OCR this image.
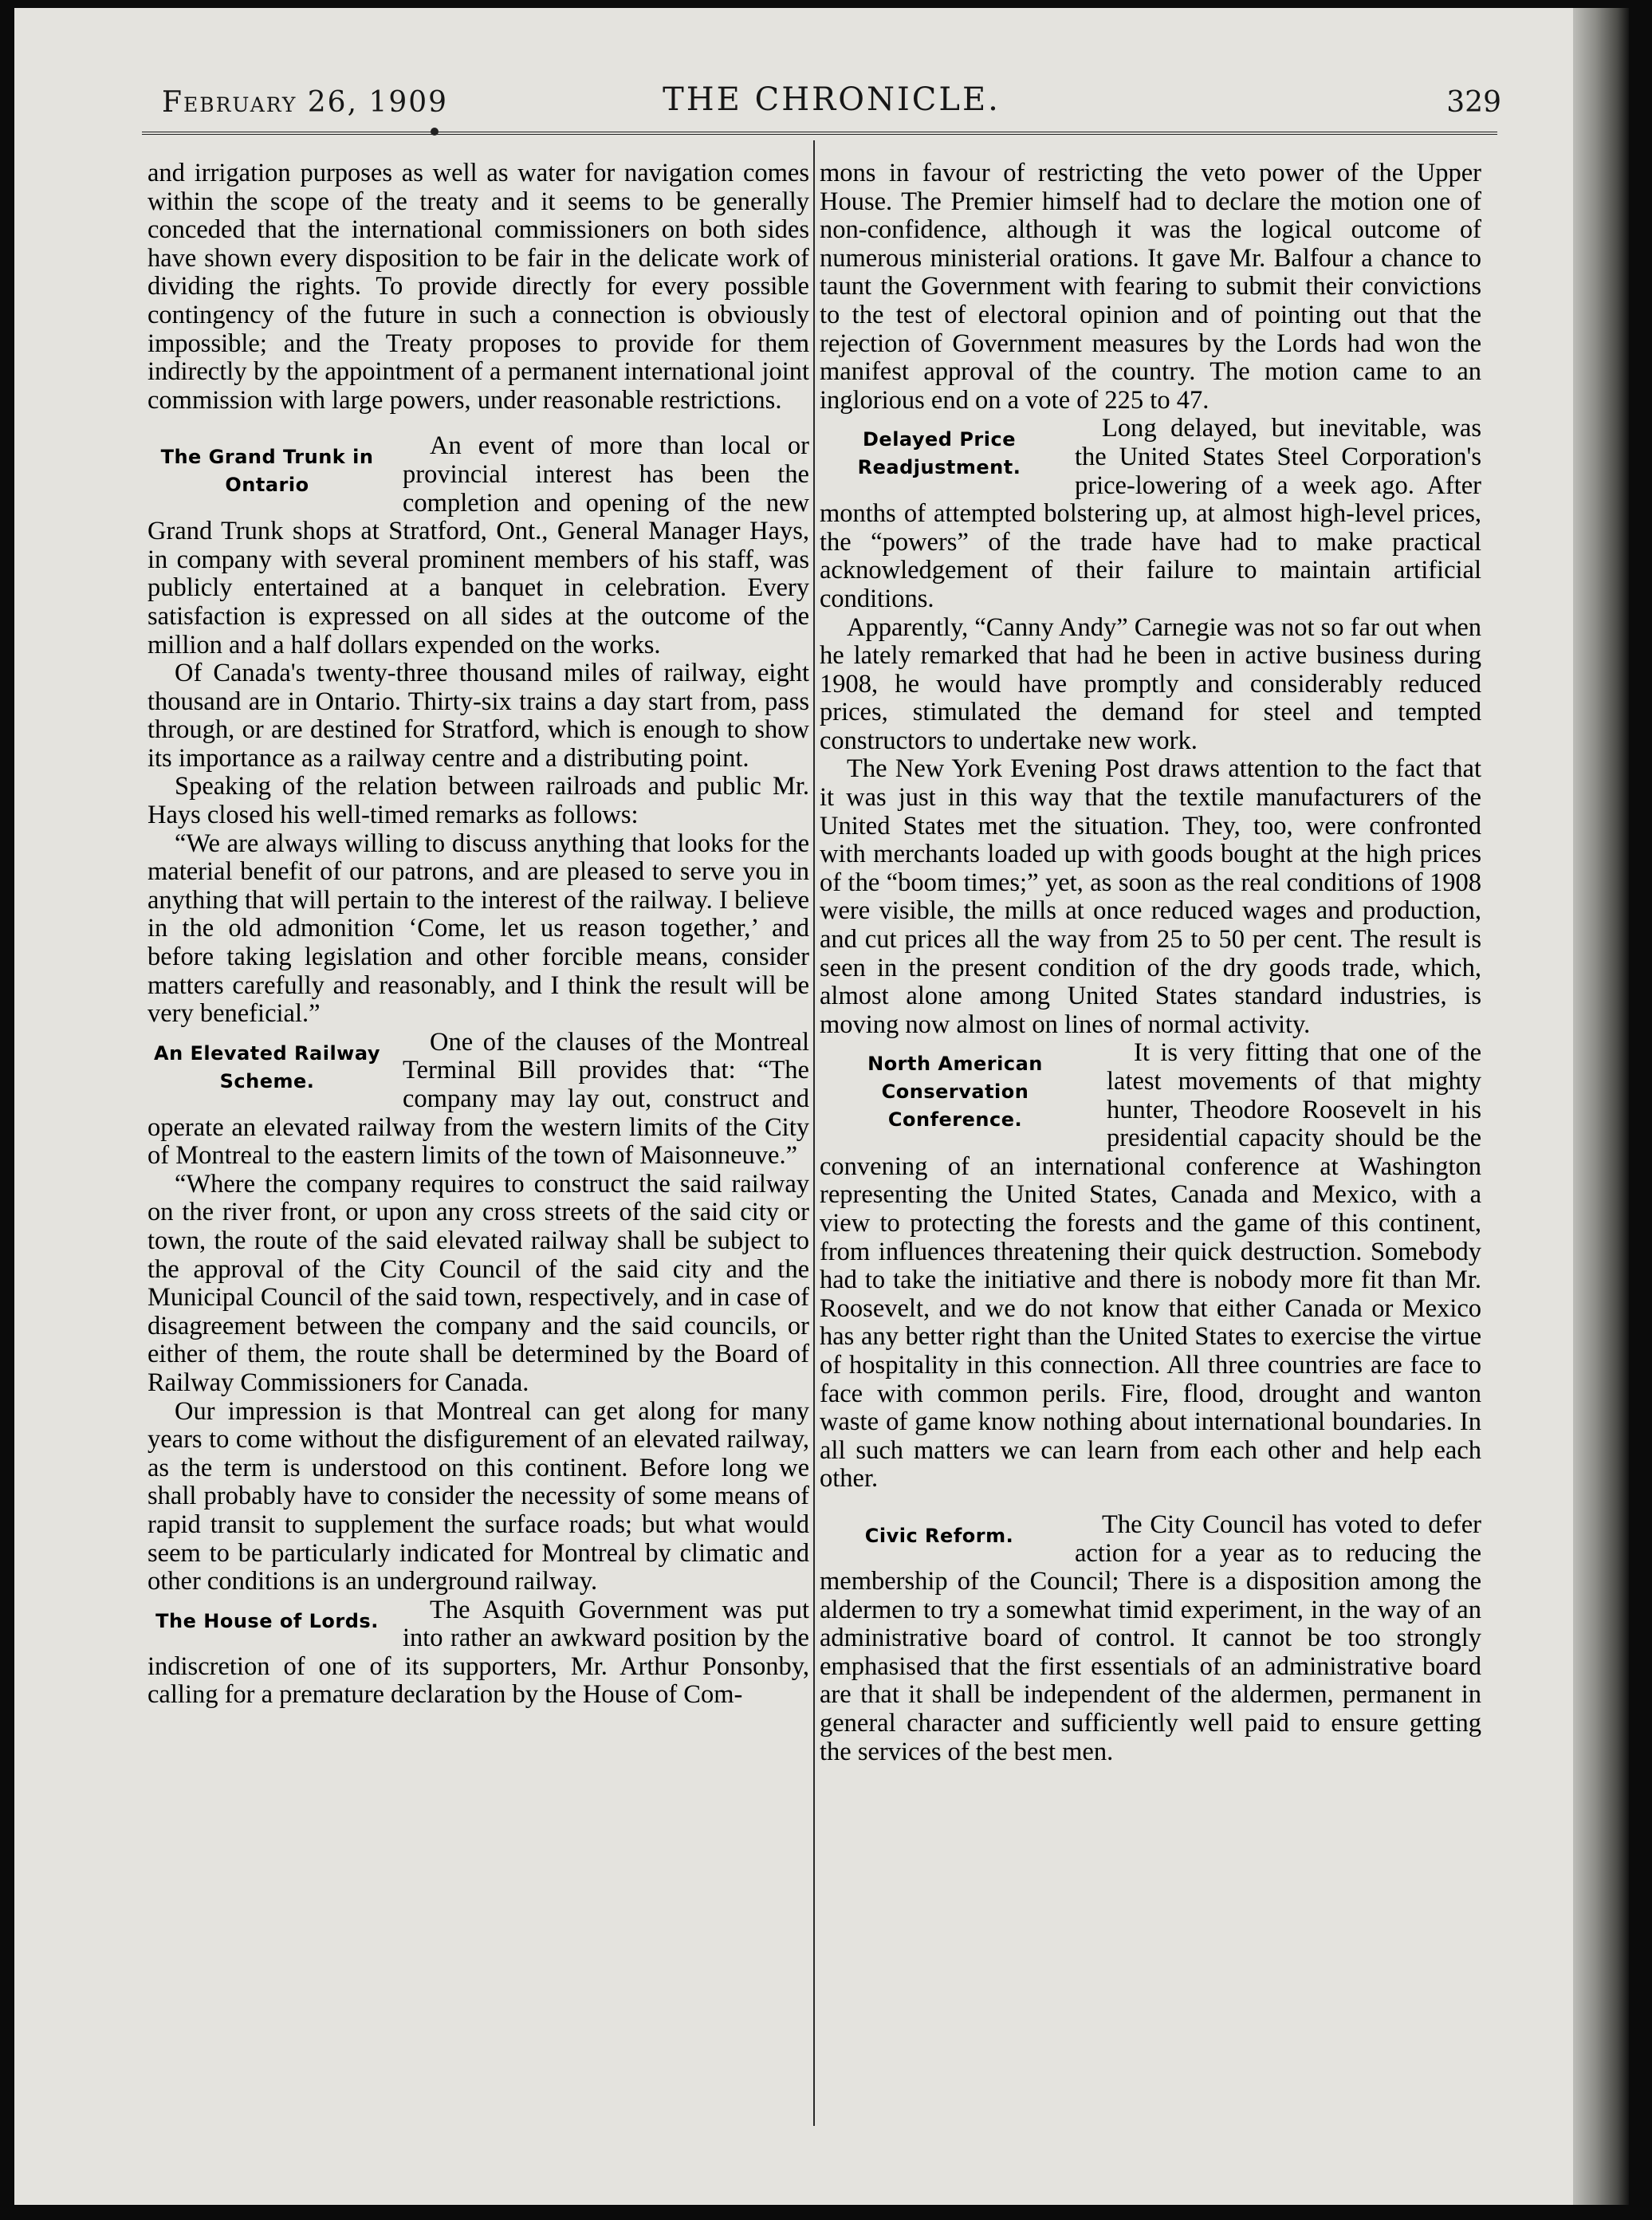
February 26, 1909	THE CHRONICLE.	329

and irrigation purposes as well as water for navigation comes within the scope of the treaty and it seems to be generally conceded that the international commissioners on both sides have shown every disposition to be fair in the delicate work of dividing the rights. To provide directly for every possible contingency of the future in such a connection is obviously impossible; and the Treaty proposes to provide for them indirectly by the appointment of a permanent international joint commission with large powers, under reasonable restrictions.

The Grand Trunk in Ontario

An event of more than local or provincial interest has been the completion and opening of the new Grand Trunk shops at Stratford, Ont., General Manager Hays, in company with several prominent members of his staff, was publicly entertained at a banquet in celebration. Every satisfaction is expressed on all sides at the outcome of the million and a half dollars expended on the works.

Of Canada's twenty-three thousand miles of railway, eight thousand are in Ontario. Thirty-six trains a day start from, pass through, or are destined for Stratford, which is enough to show its importance as a railway centre and a distributing point.

Speaking of the relation between railroads and public Mr. Hays closed his well-timed remarks as follows:

“We are always willing to discuss anything that looks for the material benefit of our patrons, and are pleased to serve you in anything that will pertain to the interest of the railway. I believe in the old admonition ‘Come, let us reason together,’ and before taking legislation and other forcible means, consider matters carefully and reasonably, and I think the result will be very beneficial.”

An Elevated Railway Scheme.

One of the clauses of the Montreal Terminal Bill provides that: “The company may lay out, construct and operate an elevated railway from the western limits of the City of Montreal to the eastern limits of the town of Maisonneuve.”

“Where the company requires to construct the said railway on the river front, or upon any cross streets of the said city or town, the route of the said elevated railway shall be subject to the approval of the City Council of the said city and the Municipal Council of the said town, respectively, and in case of disagreement between the company and the said councils, or either of them, the route shall be determined by the Board of Railway Commissioners for Canada.

Our impression is that Montreal can get along for many years to come without the disfigurement of an elevated railway, as the term is understood on this continent. Before long we shall probably have to consider the necessity of some means of rapid transit to supplement the surface roads; but what would seem to be particularly indicated for Montreal by climatic and other conditions is an underground railway.

The House of Lords.	The Asquith Government was put into rather an awkward position by the indiscretion of one of its supporters, Mr. Arthur Ponsonby, calling for a premature declaration by the House of Com-

mons in favour of restricting the veto power of the Upper House. The Premier himself had to declare the motion one of non-confidence, although it was the logical outcome of numerous ministerial orations. It gave Mr. Balfour a chance to taunt the Government with fearing to submit their convictions to the test of electoral opinion and of pointing out that the rejection of Government measures by the Lords had won the manifest approval of the country. The motion came to an inglorious end on a vote of 225 to 47.

Delayed Price Readjustment.

Long delayed, but inevitable, was the United States Steel Corporation's price-lowering of a week ago. After months of attempted bolstering up, at almost high-level prices, the “powers” of the trade have had to make practical acknowledgement of their failure to maintain artificial conditions.

Apparently, “Canny Andy” Carnegie was not so far out when he lately remarked that had he been in active business during 1908, he would have promptly and considerably reduced prices, stimulated the demand for steel and tempted constructors to undertake new work.

The New York Evening Post draws attention to the fact that it was just in this way that the textile manufacturers of the United States met the situation. They, too, were confronted with merchants loaded up with goods bought at the high prices of the “boom times;” yet, as soon as the real conditions of 1908 were visible, the mills at once reduced wages and production, and cut prices all the way from 25 to 50 per cent. The result is seen in the present condition of the dry goods trade, which, almost alone among United States standard industries, is moving now almost on lines of normal activity.

North American Conservation Conference.

It is very fitting that one of the latest movements of that mighty hunter, Theodore Roosevelt in his presidential capacity should be the convening of an international conference at Washington representing the United States, Canada and Mexico, with a view to protecting the forests and the game of this continent, from influences threatening their quick destruction. Somebody had to take the initiative and there is nobody more fit than Mr. Roosevelt, and we do not know that either Canada or Mexico has any better right than the United States to exercise the virtue of hospitality in this connection. All three countries are face to face with common perils. Fire, flood, drought and wanton waste of game know nothing about international boundaries. In all such matters we can learn from each other and help each other.

Civic Reform.	The City Council has voted to defer action for a year as to reducing the membership of the Council; There is a disposition among the aldermen to try a somewhat timid experiment, in the way of an administrative board of control. It cannot be too strongly emphasised that the first essentials of an administrative board are that it shall be independent of the aldermen, permanent in general character and sufficiently well paid to ensure getting the services of the best men.
